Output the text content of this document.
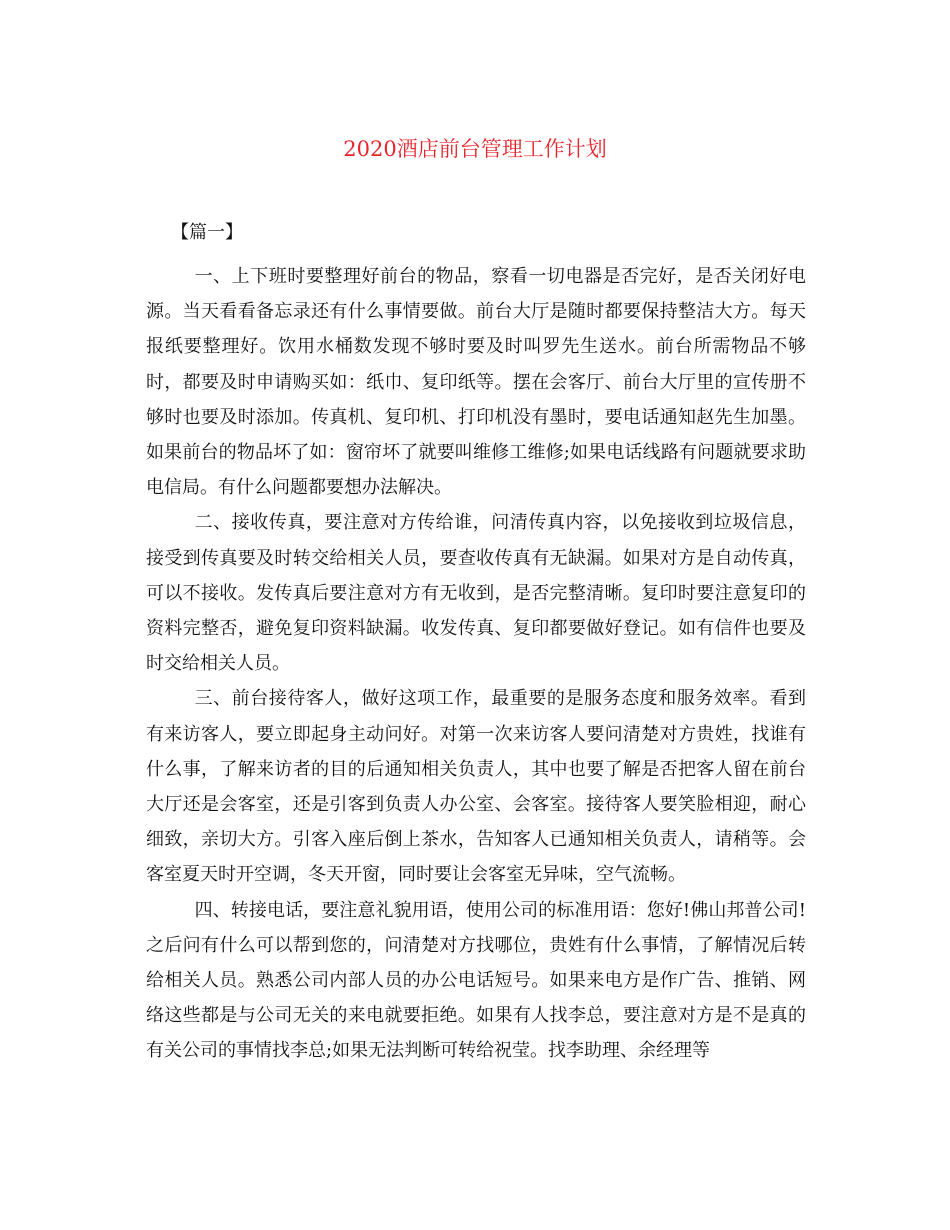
2020酒店前台管理工作计划

【篇一】

一、上下班时要整理好前台的物品，察看一切电器是否完好，是否关闭好电源。当天看看备忘录还有什么事情要做。前台大厅是随时都要保持整洁大方。每天报纸要整理好。饮用水桶数发现不够时要及时叫罗先生送水。前台所需物品不够时，都要及时申请购买如：纸巾、复印纸等。摆在会客厅、前台大厅里的宣传册不够时也要及时添加。传真机、复印机、打印机没有墨时，要电话通知赵先生加墨。如果前台的物品坏了如：窗帘坏了就要叫维修工维修;如果电话线路有问题就要求助电信局。有什么问题都要想办法解决。

二、接收传真，要注意对方传给谁，问清传真内容，以免接收到垃圾信息，接受到传真要及时转交给相关人员，要查收传真有无缺漏。如果对方是自动传真，可以不接收。发传真后要注意对方有无收到，是否完整清晰。复印时要注意复印的资料完整否，避免复印资料缺漏。收发传真、复印都要做好登记。如有信件也要及时交给相关人员。

三、前台接待客人，做好这项工作，最重要的是服务态度和服务效率。看到有来访客人，要立即起身主动问好。对第一次来访客人要问清楚对方贵姓，找谁有什么事，了解来访者的目的后通知相关负责人，其中也要了解是否把客人留在前台大厅还是会客室，还是引客到负责人办公室、会客室。接待客人要笑脸相迎，耐心细致，亲切大方。引客入座后倒上茶水，告知客人已通知相关负责人，请稍等。会客室夏天时开空调，冬天开窗，同时要让会客室无异味，空气流畅。

四、转接电话，要注意礼貌用语，使用公司的标准用语：您好!佛山邦普公司!之后问有什么可以帮到您的，问清楚对方找哪位，贵姓有什么事情，了解情况后转给相关人员。熟悉公司内部人员的办公电话短号。如果来电方是作广告、推销、网络这些都是与公司无关的来电就要拒绝。如果有人找李总，要注意对方是不是真的有关公司的事情找李总;如果无法判断可转给祝莹。找李助理、余经理等
